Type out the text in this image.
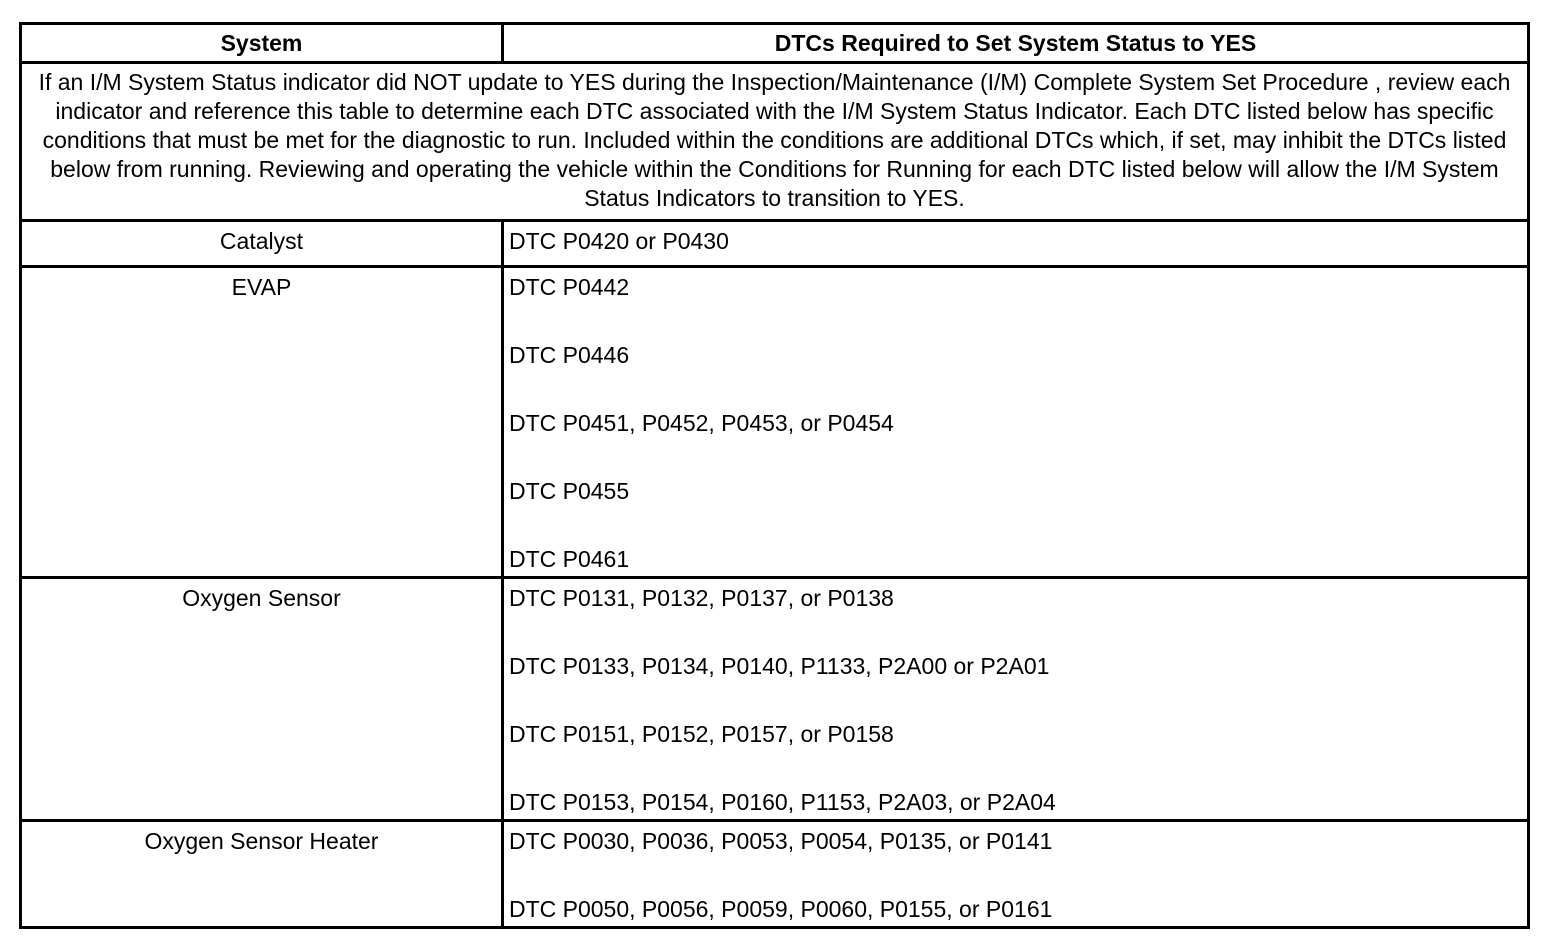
System	DTCs Required to Set System Status to YES
If an I/M System Status indicator did NOT update to YES during the Inspection/Maintenance (I/M) Complete System Set Procedure , review each indicator and reference this table to determine each DTC associated with the I/M System Status Indicator. Each DTC listed below has specific conditions that must be met for the diagnostic to run. Included within the conditions are additional DTCs which, if set, may inhibit the DTCs listed below from running. Reviewing and operating the vehicle within the Conditions for Running for each DTC listed below will allow the I/M System Status Indicators to transition to YES.	
Catalyst	DTC P0420 or P0430

EVAP	DTC P0442
DTC P0446
DTC P0451, P0452, P0453, or P0454
DTC P0455
DTC P0461

Oxygen Sensor	DTC P0131, P0132, P0137, or P0138
DTC P0133, P0134, P0140, P1133, P2A00 or P2A01
DTC P0151, P0152, P0157, or P0158
DTC P0153, P0154, P0160, P1153, P2A03, or P2A04

Oxygen Sensor Heater	DTC P0030, P0036, P0053, P0054, P0135, or P0141
DTC P0050, P0056, P0059, P0060, P0155, or P0161
